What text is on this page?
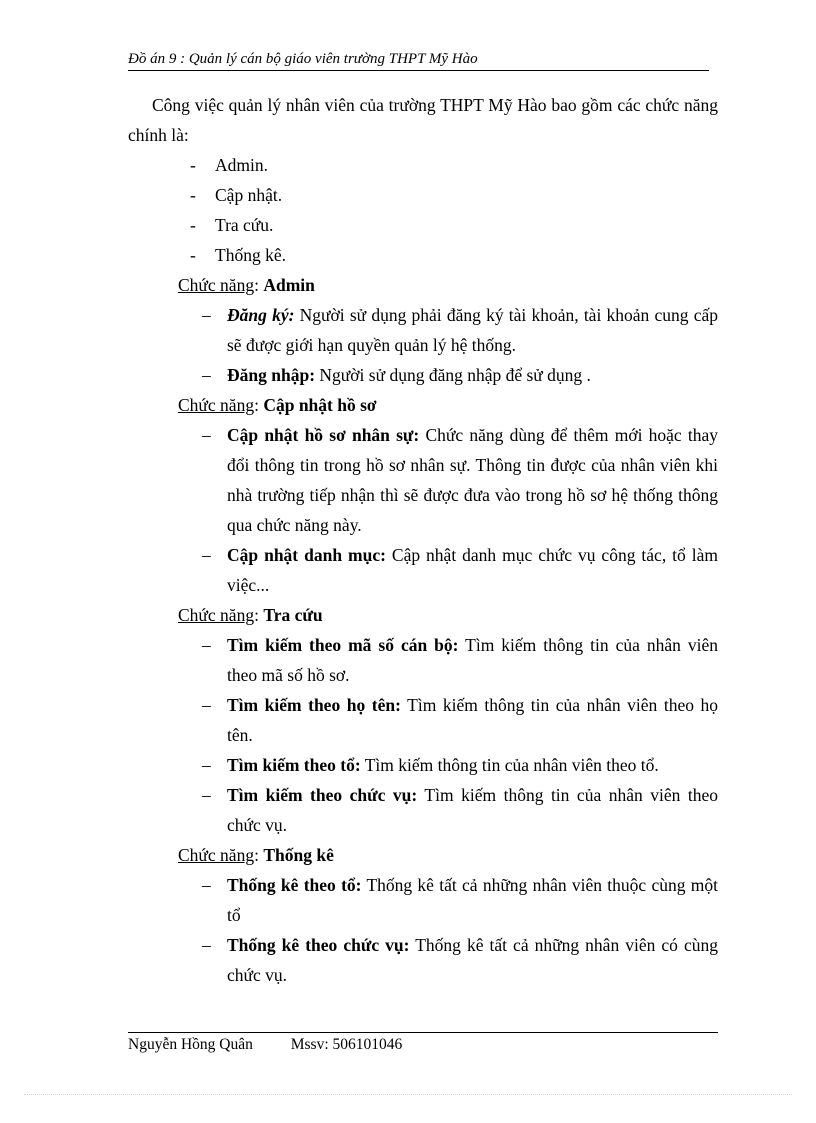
Đồ án 9 : Quản lý cán bộ giáo viên trường THPT Mỹ Hào

Công việc quản lý nhân viên của trường THPT Mỹ Hào bao gồm các chức năng chính là:

- Admin.
- Cập nhật.
- Tra cứu.
- Thống kê.

Chức năng: Admin

– Đăng ký: Người sử dụng phải đăng ký tài khoản, tài khoản cung cấp sẽ được giới hạn quyền quản lý hệ thống.
– Đăng nhập: Người sử dụng đăng nhập để sử dụng .

Chức năng: Cập nhật hồ sơ

– Cập nhật hồ sơ nhân sự: Chức năng dùng để thêm mới hoặc thay đổi thông tin trong hồ sơ nhân sự. Thông tin được của nhân viên khi nhà trường tiếp nhận thì sẽ được đưa vào trong hồ sơ hệ thống thông qua chức năng này.
– Cập nhật danh mục: Cập nhật danh mục chức vụ công tác, tổ làm việc...

Chức năng: Tra cứu

– Tìm kiếm theo mã số cán bộ: Tìm kiếm thông tin của nhân viên theo mã số hồ sơ.
– Tìm kiếm theo họ tên: Tìm kiếm thông tin của nhân viên theo họ tên.
– Tìm kiếm theo tổ: Tìm kiếm thông tin của nhân viên theo tổ.
– Tìm kiếm theo chức vụ: Tìm kiếm thông tin của nhân viên theo chức vụ.

Chức năng: Thống kê

– Thống kê theo tổ: Thống kê tất cả những nhân viên thuộc cùng một tổ
– Thống kê theo chức vụ: Thống kê tất cả những nhân viên có cùng chức vụ.
Nguyễn Hồng Quân Mssv: 506101046
